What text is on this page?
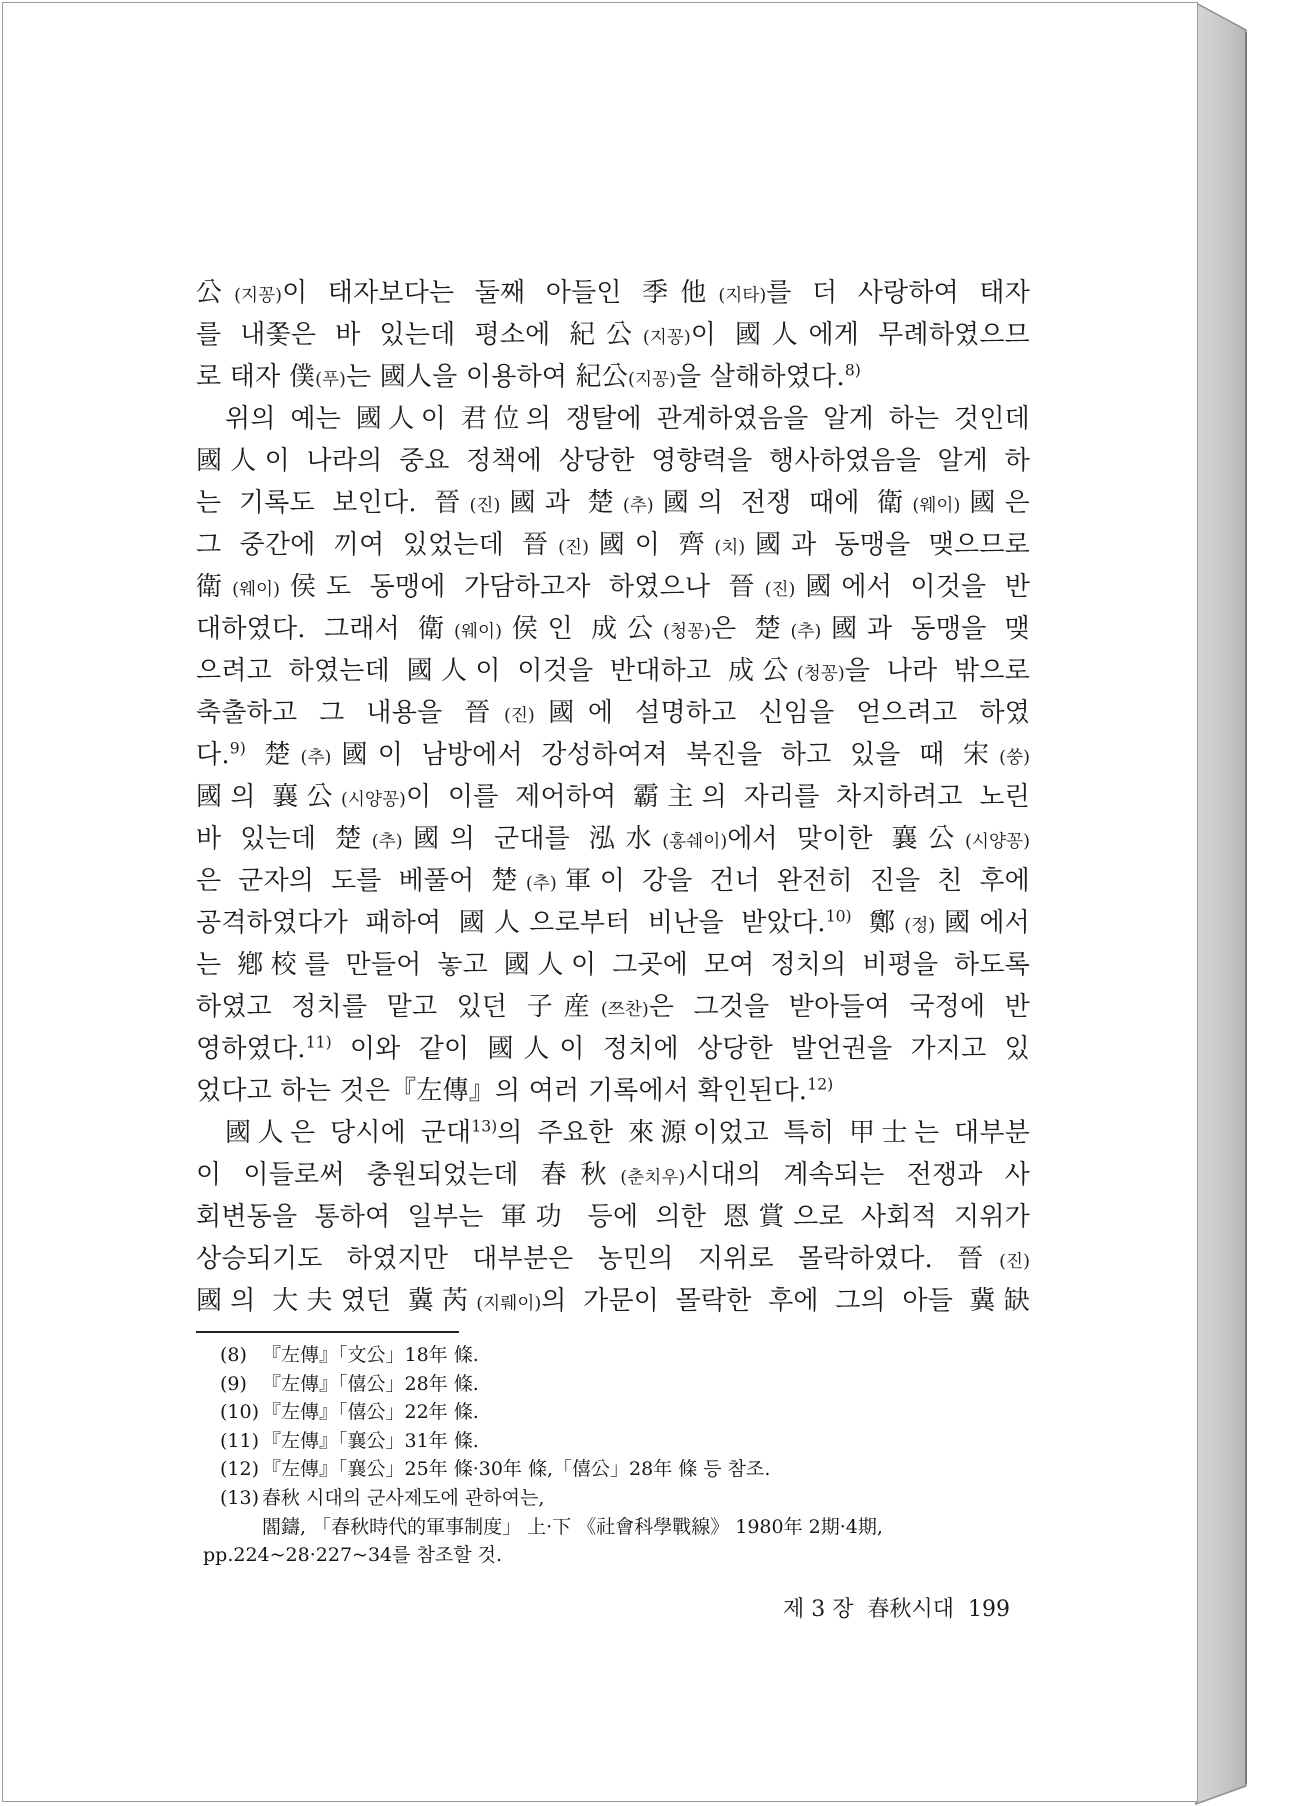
公(지꽁)이 태자보다는 둘째 아들인 季他(지타)를 더 사랑하여 태자
를 내쫓은 바 있는데 평소에 紀公(지꽁)이 國人에게 무례하였으므
로 태자 僕(푸)는 國人을 이용하여 紀公(지꽁)을 살해하였다.$^{8)}$
위의 예는 國人이 君位의 쟁탈에 관계하였음을 알게 하는 것인데
國人이 나라의 중요 정책에 상당한 영향력을 행사하였음을 알게 하
는 기록도 보인다. 晉(진)國과 楚(추)國의 전쟁 때에 衛(웨이)國은
그 중간에 끼여 있었는데 晉(진)國이 齊(치)國과 동맹을 맺으므로
衛(웨이)侯도 동맹에 가담하고자 하였으나 晉(진)國에서 이것을 반
대하였다. 그래서 衛(웨이)侯인 成公(청꽁)은 楚(추)國과 동맹을 맺
으려고 하였는데 國人이 이것을 반대하고 成公(청꽁)을 나라 밖으로
축출하고 그 내용을 晉(진)國에 설명하고 신임을 얻으려고 하였
다.$^{9)}$ 楚(추)國이 남방에서 강성하여져 북진을 하고 있을 때 宋(쑹)
國의 襄公(시양꽁)이 이를 제어하여 霸主의 자리를 차지하려고 노린
바 있는데 楚(추)國의 군대를 泓水(홍쉐이)에서 맞이한 襄公(시양꽁)
은 군자의 도를 베풀어 楚(추)軍이 강을 건너 완전히 진을 친 후에
공격하였다가 패하여 國人으로부터 비난을 받았다.$^{10)}$ 鄭(정)國에서
는 鄕校를 만들어 놓고 國人이 그곳에 모여 정치의 비평을 하도록
하였고 정치를 맡고 있던 子産(쯔찬)은 그것을 받아들여 국정에 반
영하였다.$^{11)}$ 이와 같이 國人이 정치에 상당한 발언권을 가지고 있
었다고 하는 것은『左傳』의 여러 기록에서 확인된다.$^{12)}$
國人은 당시에 군대$^{13)}$의 주요한 來源이었고 특히 甲士는 대부분
이 이들로써 충원되었는데 春秋(춘치우)시대의 계속되는 전쟁과 사
회변동을 통하여 일부는 軍功 등에 의한 恩賞으로 사회적 지위가
상승되기도 하였지만 대부분은 농민의 지위로 몰락하였다. 晉(진)
國의 大夫였던 冀芮(지뤠이)의 가문이 몰락한 후에 그의 아들 冀缺
(8) 『左傳』「文公」18年 條.
(9) 『左傳』「僖公」28年 條.
(10) 『左傳』「僖公」22年 條.
(11) 『左傳』「襄公」31年 條.
(12) 『左傳』「襄公」25年 條·30年 條,「僖公」28年 條 등 참조.
(13) 春秋 시대의 군사제도에 관하여는,
閻鑄, 「春秋時代的軍事制度」 上·下 《社會科學戰線》 1980年 2期·4期,
pp.224~28·227~34를 참조할 것.
제 3 장 春秋시대 199
